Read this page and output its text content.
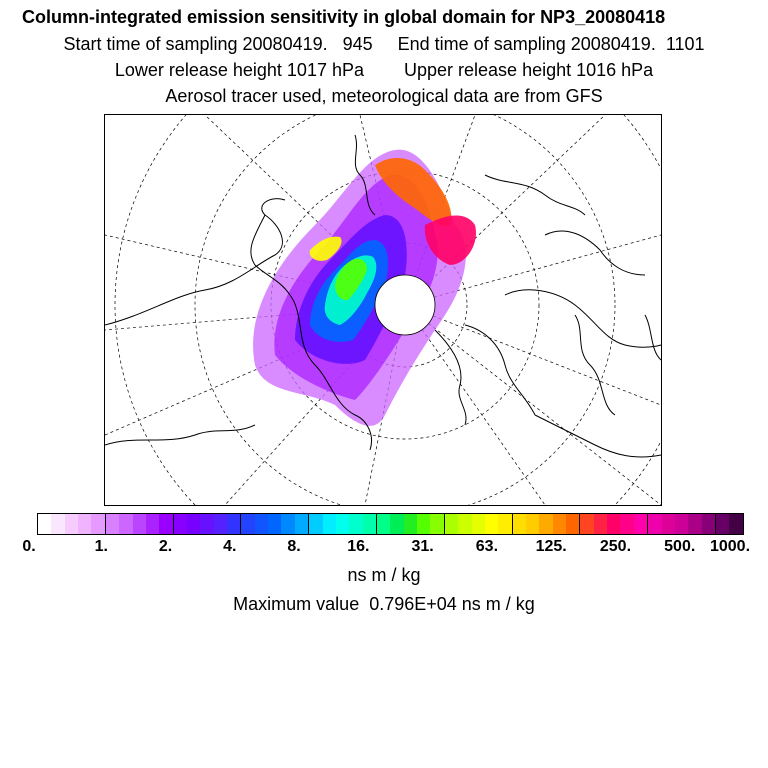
Column-integrated emission sensitivity in global domain for NP3_20080418
Start time of sampling 20080419.   945     End time of sampling 20080419.  1101
Lower release height 1017 hPa        Upper release height 1016 hPa
Aerosol tracer used, meteorological data are from GFS
0.	1.	2.	4.	8.	16.	31.	63. 125. 250. 500. 1000.
ns m / kg
Maximum value  0.796E+04 ns m / kg
